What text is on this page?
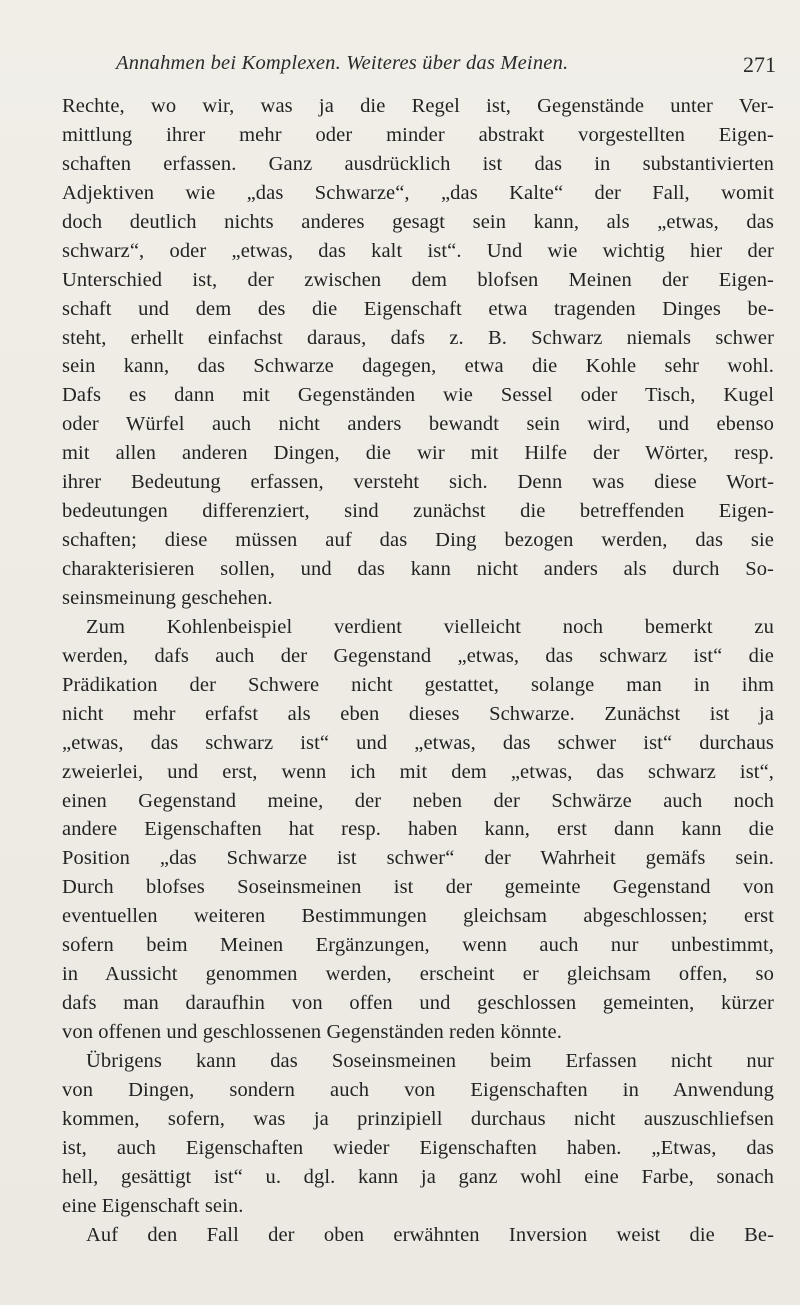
Annahmen bei Komplexen. Weiteres über das Meinen.	271
Rechte, wo wir, was ja die Regel ist, Gegenstände unter Ver-
mittlung ihrer mehr oder minder abstrakt vorgestellten Eigen-
schaften erfassen. Ganz ausdrücklich ist das in substantivierten
Adjektiven wie „das Schwarze“, „das Kalte“ der Fall, womit
doch deutlich nichts anderes gesagt sein kann, als „etwas, das
schwarz“, oder „etwas, das kalt ist“. Und wie wichtig hier der
Unterschied ist, der zwischen dem blofsen Meinen der Eigen-
schaft und dem des die Eigenschaft etwa tragenden Dinges be-
steht, erhellt einfachst daraus, dafs z. B. Schwarz niemals schwer
sein kann, das Schwarze dagegen, etwa die Kohle sehr wohl.
Dafs es dann mit Gegenständen wie Sessel oder Tisch, Kugel
oder Würfel auch nicht anders bewandt sein wird, und ebenso
mit allen anderen Dingen, die wir mit Hilfe der Wörter, resp.
ihrer Bedeutung erfassen, versteht sich. Denn was diese Wort-
bedeutungen differenziert, sind zunächst die betreffenden Eigen-
schaften; diese müssen auf das Ding bezogen werden, das sie
charakterisieren sollen, und das kann nicht anders als durch So-
seinsmeinung geschehen.
Zum Kohlenbeispiel verdient vielleicht noch bemerkt zu
werden, dafs auch der Gegenstand „etwas, das schwarz ist“ die
Prädikation der Schwere nicht gestattet, solange man in ihm
nicht mehr erfafst als eben dieses Schwarze. Zunächst ist ja
„etwas, das schwarz ist“ und „etwas, das schwer ist“ durchaus
zweierlei, und erst, wenn ich mit dem „etwas, das schwarz ist“,
einen Gegenstand meine, der neben der Schwärze auch noch
andere Eigenschaften hat resp. haben kann, erst dann kann die
Position „das Schwarze ist schwer“ der Wahrheit gemäfs sein.
Durch blofses Soseinsmeinen ist der gemeinte Gegenstand von
eventuellen weiteren Bestimmungen gleichsam abgeschlossen; erst
sofern beim Meinen Ergänzungen, wenn auch nur unbestimmt,
in Aussicht genommen werden, erscheint er gleichsam offen, so
dafs man daraufhin von offen und geschlossen gemeinten, kürzer
von offenen und geschlossenen Gegenständen reden könnte.
Übrigens kann das Soseinsmeinen beim Erfassen nicht nur
von Dingen, sondern auch von Eigenschaften in Anwendung
kommen, sofern, was ja prinzipiell durchaus nicht auszuschliefsen
ist, auch Eigenschaften wieder Eigenschaften haben. „Etwas, das
hell, gesättigt ist“ u. dgl. kann ja ganz wohl eine Farbe, sonach
eine Eigenschaft sein.
Auf den Fall der oben erwähnten Inversion weist die Be-
